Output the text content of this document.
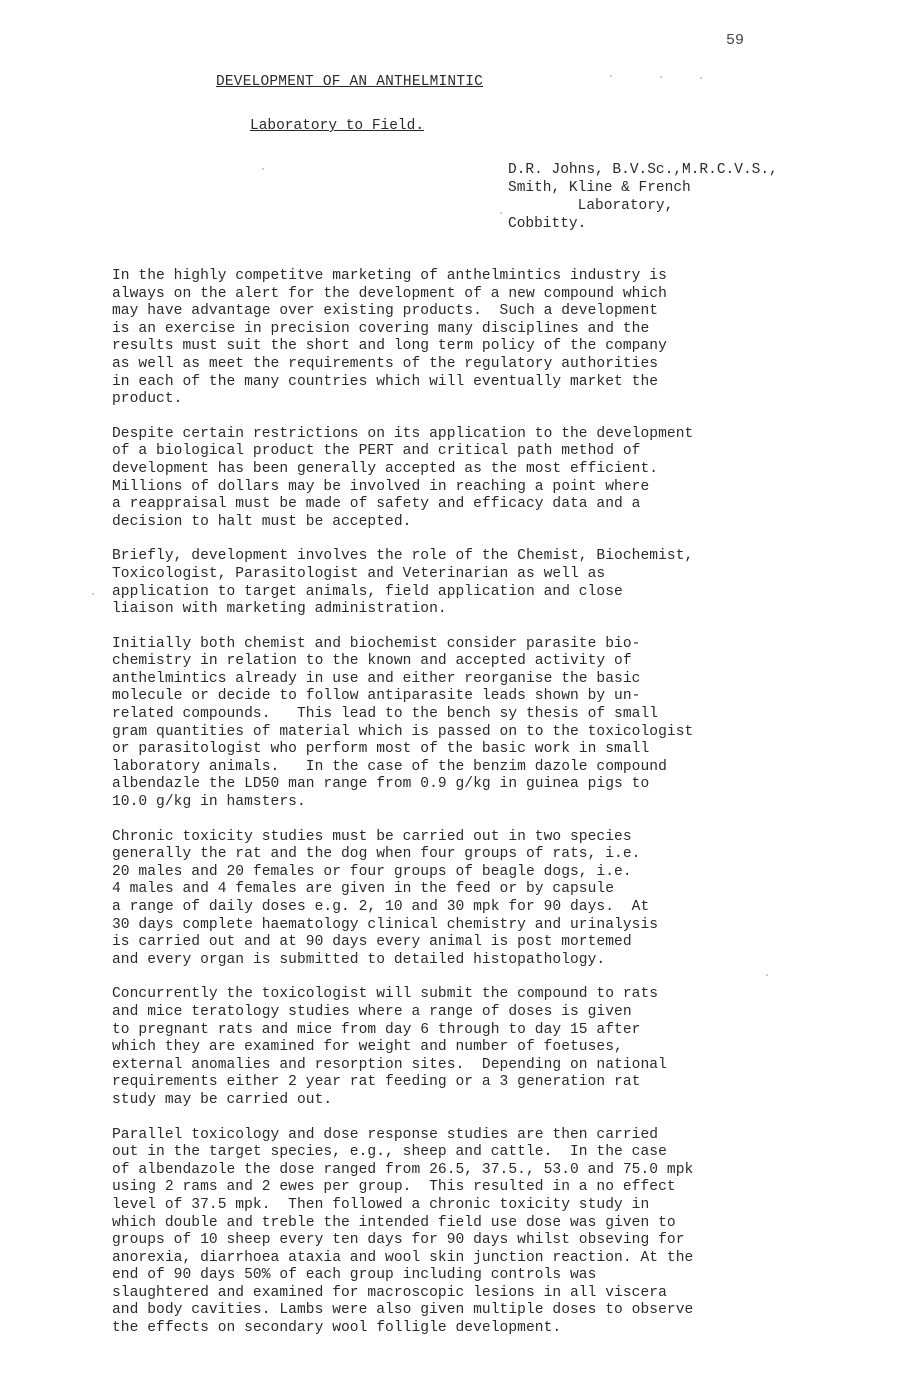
59
DEVELOPMENT OF AN ANTHELMINTIC
Laboratory to Field.
D.R. Johns, B.V.Sc.,M.R.C.V.S.,
Smith, Kline & French
Laboratory,
Cobbitty.

In the highly competitve marketing of anthelmintics industry is
always on the alert for the development of a new compound which
may have advantage over existing products.  Such a development
is an exercise in precision covering many disciplines and the
results must suit the short and long term policy of the company
as well as meet the requirements of the regulatory authorities
in each of the many countries which will eventually market the
product.

Despite certain restrictions on its application to the development
of a biological product the PERT and critical path method of
development has been generally accepted as the most efficient.
Millions of dollars may be involved in reaching a point where
a reappraisal must be made of safety and efficacy data and a
decision to halt must be accepted.

Briefly, development involves the role of the Chemist, Biochemist,
Toxicologist, Parasitologist and Veterinarian as well as
application to target animals, field application and close
liaison with marketing administration.

Initially both chemist and biochemist consider parasite bio-
chemistry in relation to the known and accepted activity of
anthelmintics already in use and either reorganise the basic
molecule or decide to follow antiparasite leads shown by un-
related compounds.   This lead to the bench sy thesis of small
gram quantities of material which is passed on to the toxicologist
or parasitologist who perform most of the basic work in small
laboratory animals.   In the case of the benzim dazole compound
albendazle the LD50 man range from 0.9 g/kg in guinea pigs to
10.0 g/kg in hamsters.

Chronic toxicity studies must be carried out in two species
generally the rat and the dog when four groups of rats, i.e.
20 males and 20 females or four groups of beagle dogs, i.e.
4 males and 4 females are given in the feed or by capsule
a range of daily doses e.g. 2, 10 and 30 mpk for 90 days.  At
30 days complete haematology clinical chemistry and urinalysis
is carried out and at 90 days every animal is post mortemed
and every organ is submitted to detailed histopathology.

Concurrently the toxicologist will submit the compound to rats
and mice teratology studies where a range of doses is given
to pregnant rats and mice from day 6 through to day 15 after
which they are examined for weight and number of foetuses,
external anomalies and resorption sites.  Depending on national
requirements either 2 year rat feeding or a 3 generation rat
study may be carried out.

Parallel toxicology and dose response studies are then carried
out in the target species, e.g., sheep and cattle.  In the case
of albendazole the dose ranged from 26.5, 37.5., 53.0 and 75.0 mpk
using 2 rams and 2 ewes per group.  This resulted in a no effect
level of 37.5 mpk.  Then followed a chronic toxicity study in
which double and treble the intended field use dose was given to
groups of 10 sheep every ten days for 90 days whilst obseving for
anorexia, diarrhoea ataxia and wool skin junction reaction. At the
end of 90 days 50% of each group including controls was
slaughtered and examined for macroscopic lesions in all viscera
and body cavities. Lambs were also given multiple doses to observe
the effects on secondary wool folligle development.
